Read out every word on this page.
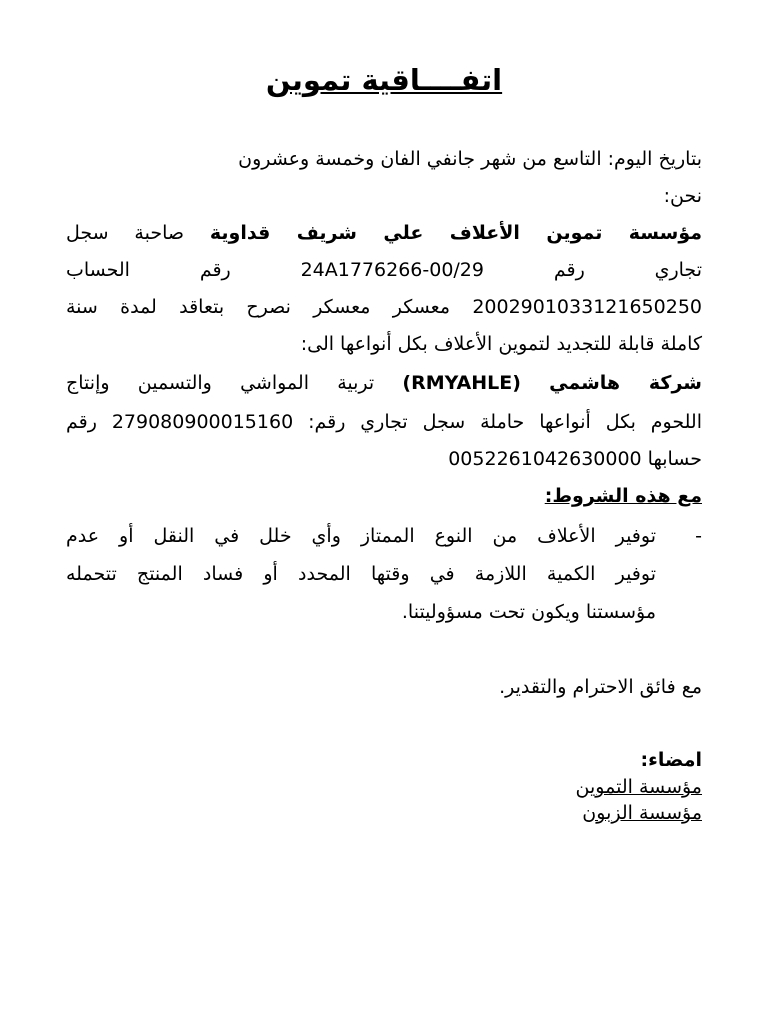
اتفــــاقية تموين
بتاريخ اليوم: التاسع من شهر جانفي الفان وخمسة وعشرون
نحن:
مؤسسة تموين الأعلاف علي شريف قداوية صاحبة سجل
تجاري رقم 24A1776266-00/29 رقم الحساب
2002901033121650250 معسكر معسكر نصرح بتعاقد لمدة سنة
كاملة قابلة للتجديد لتموين الأعلاف بكل أنواعها الى:
شركة هاشمي (RMYAHLE) تربية المواشي والتسمين وإنتاج
اللحوم بكل أنواعها حاملة سجل تجاري رقم: 279080900015160 رقم
حسابها 0052261042630000
مع هذه الشروط:
-
توفير الأعلاف من النوع الممتاز وأي خلل في النقل أو عدم
توفير الكمية اللازمة في وقتها المحدد أو فساد المنتج تتحمله
مؤسستنا ويكون تحت مسؤوليتنا.
مع فائق الاحترام والتقدير.
امضاء:
مؤسسة التموين
مؤسسة الزبون
